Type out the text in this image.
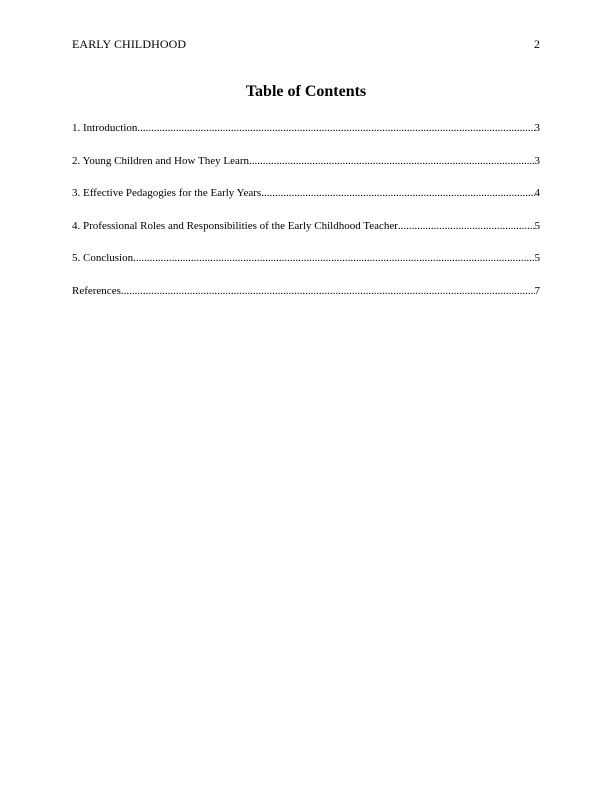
EARLY CHILDHOOD	2
Table of Contents
1. Introduction .....	3
2. Young Children and How They Learn .....	3
3. Effective Pedagogies for the Early Years .....	4
4. Professional Roles and Responsibilities of the Early Childhood Teacher .....	5
5. Conclusion .....	5
References .....	7
